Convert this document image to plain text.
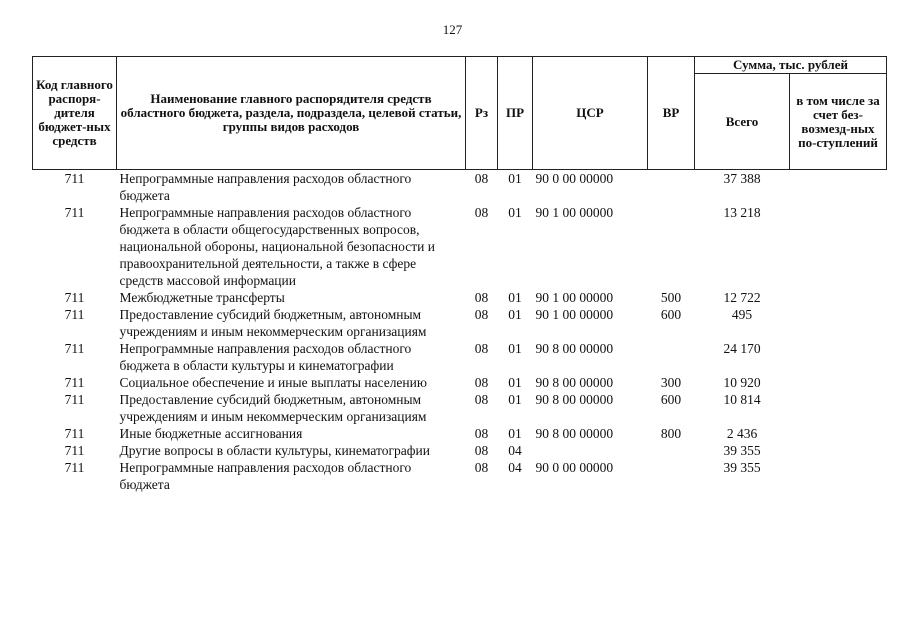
127
Код главного распоря-дителя бюджет-ных средств	Наименование главного распорядителя средств областного бюджета, раздела, подраздела, целевой статьи, группы видов расходов	Рз	ПР	ЦСР	ВР	Сумма, тыс. рублей	
						Всего	в том числе за счет без-возмезд-ных по-ступлений
711	Непрограммные направления расходов областного бюджета	08	01	90 0 00 00000		37 388	
711	Непрограммные направления расходов областного бюджета в области общегосударственных вопросов, национальной обороны, национальной безопасности и правоохранительной деятельности, а также в сфере средств массовой информации	08	01	90 1 00 00000		13 218	
711	Межбюджетные трансферты	08	01	90 1 00 00000	500	12 722	
711	Предоставление субсидий бюджетным, автономным учреждениям и иным некоммерческим организациям	08	01	90 1 00 00000	600	495	
711	Непрограммные направления расходов областного бюджета в области культуры и кинематографии	08	01	90 8 00 00000		24 170	
711	Социальное обеспечение и иные выплаты населению	08	01	90 8 00 00000	300	10 920	
711	Предоставление субсидий бюджетным, автономным учреждениям и иным некоммерческим организациям	08	01	90 8 00 00000	600	10 814	
711	Иные бюджетные ассигнования	08	01	90 8 00 00000	800	2 436	
711	Другие вопросы в области культуры, кинематографии	08	04			39 355	
711	Непрограммные направления расходов областного бюджета	08	04	90 0 00 00000		39 355	
